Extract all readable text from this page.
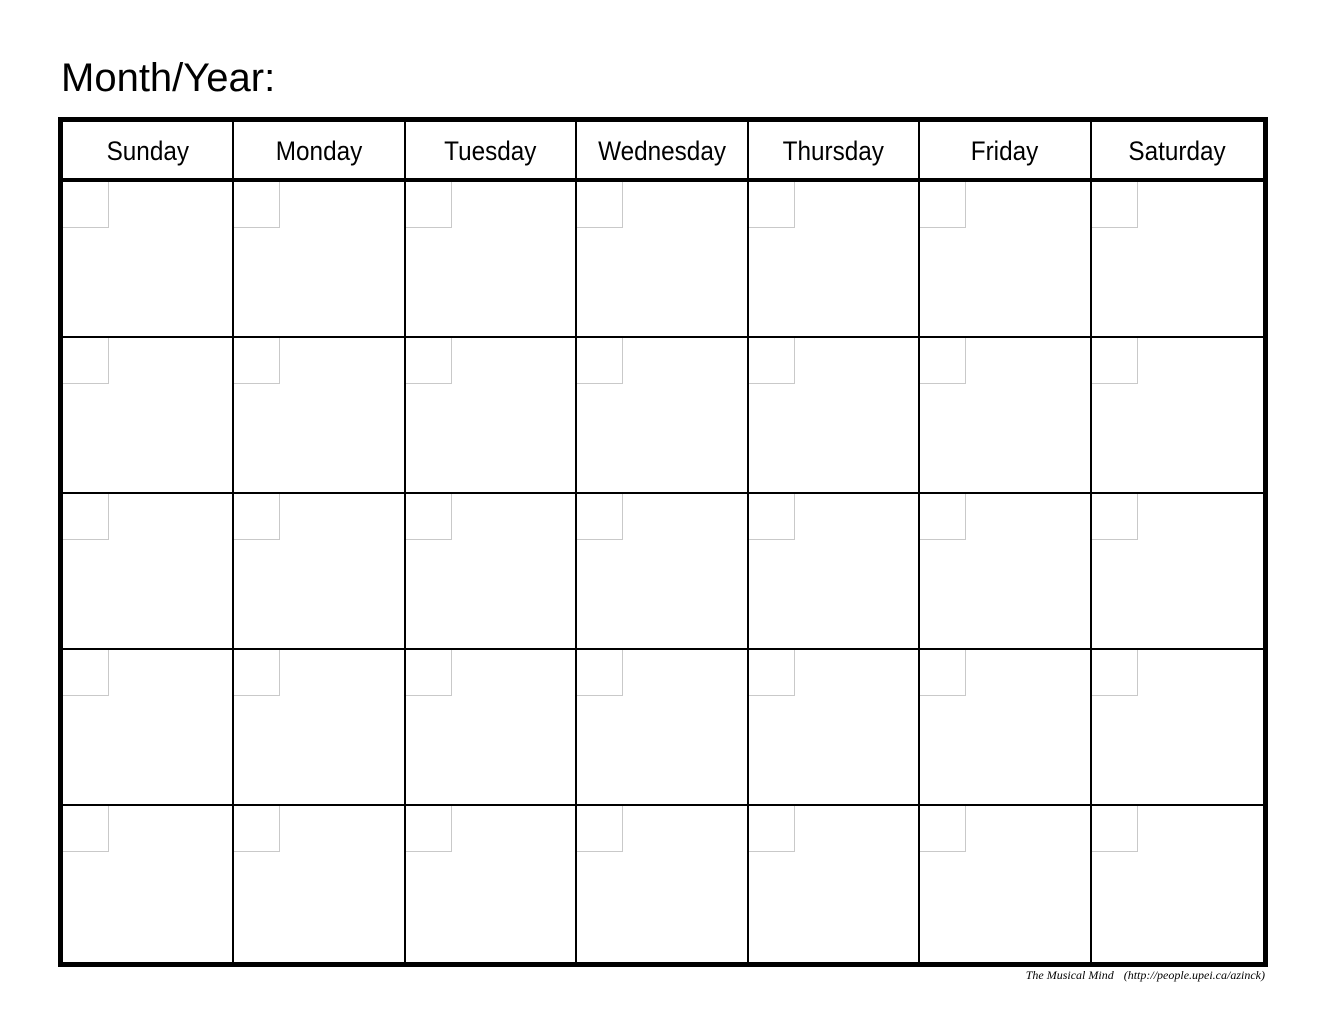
Month/Year:
Sunday	Monday	Tuesday Wednesday Thursday	Friday	Saturday
The Musical Mind (http://people.upei.ca/azinck)
